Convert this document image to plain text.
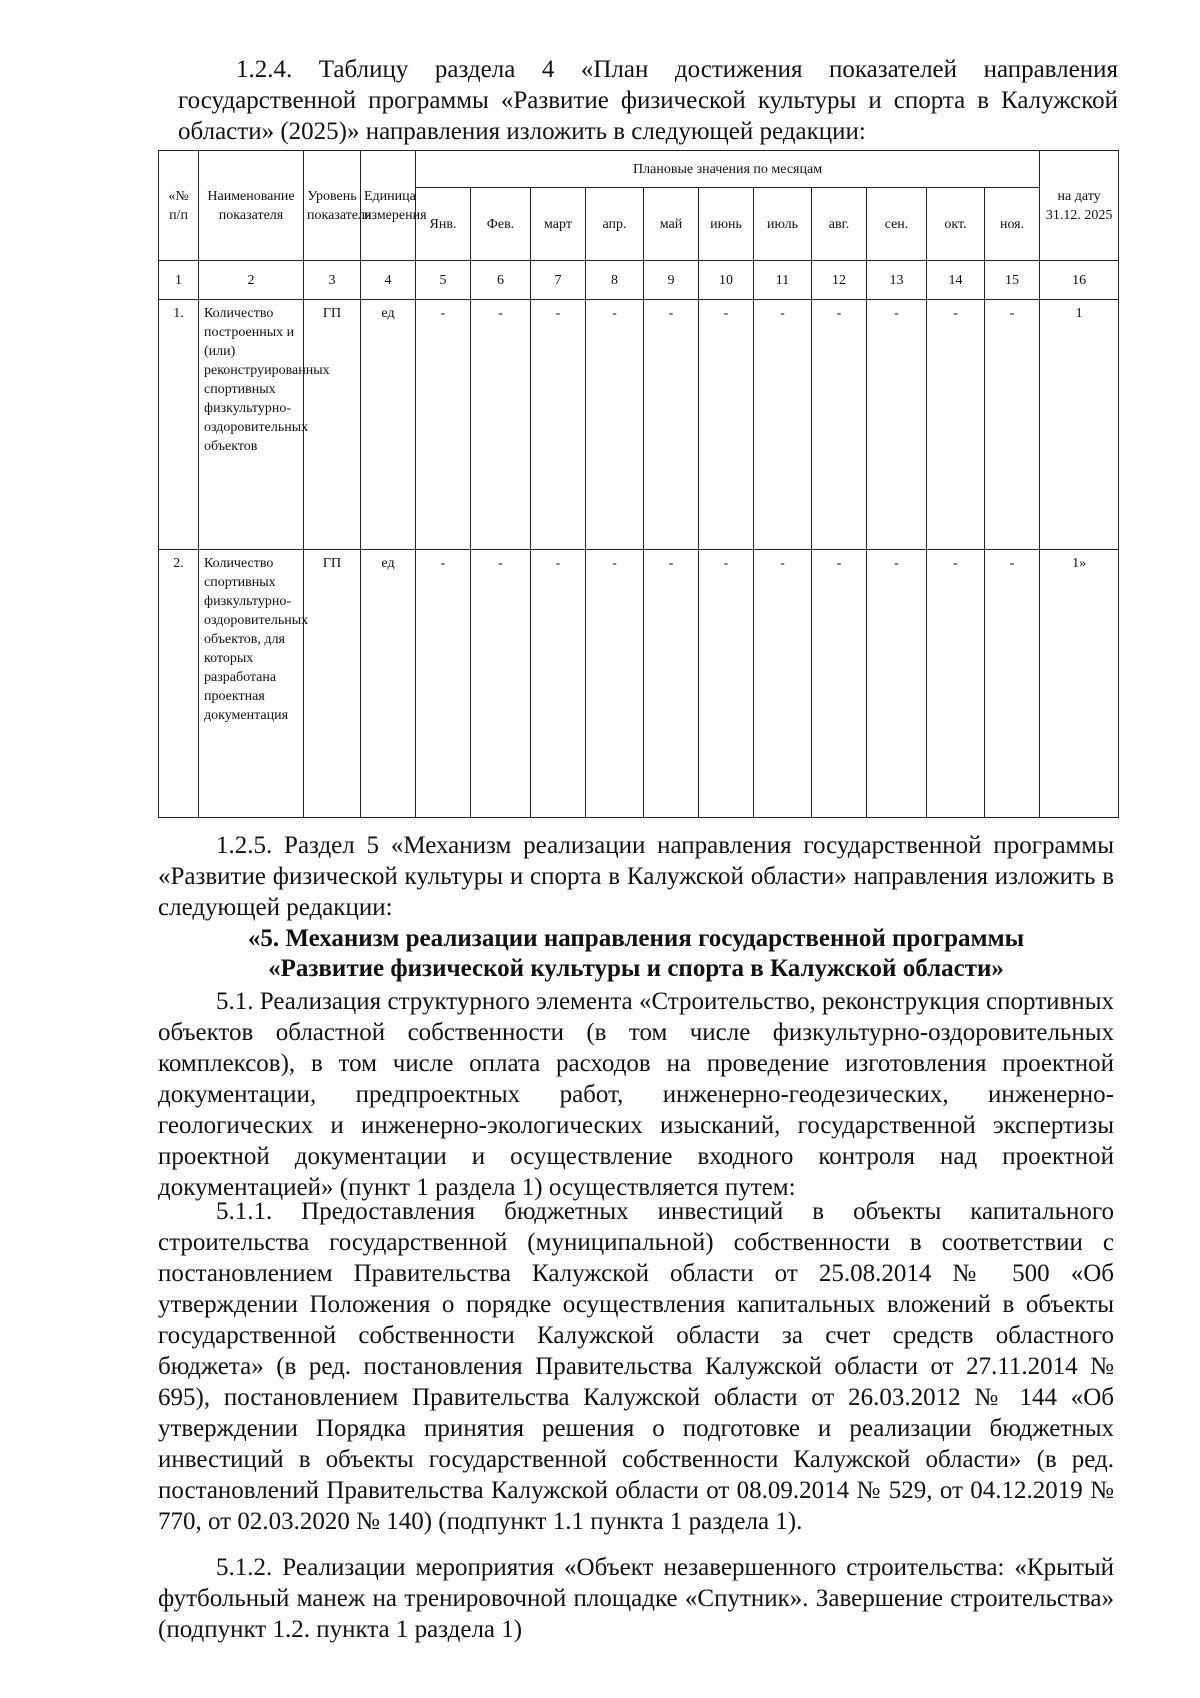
1.2.4. Таблицу раздела 4 «План достижения показателей направления государственной программы «Развитие физической культуры и спорта в Калужской области» (2025)» направления изложить в следующей редакции:
«№ п/п	Наименование показателя	Уровень показателя	Единица измерения	Плановые значения по месяцам											на дату 31.12. 2025
				Янв.	Фев.	март	апр.	май	июнь	июль	авг.	сен.	окт.	ноя.	
1	2	3	4	5	6	7	8	9	10	11	12	13	14	15	16
1.	Количество построенных и (или) реконструированных спортивных физкультурно-оздоровительных объектов	ГП	ед	-	-	-	-	-	-	-	-	-	-	-	1
2.	Количество спортивных физкультурно-оздоровительных объектов, для которых разработана проектная документация	ГП	ед	-	-	-	-	-	-	-	-	-	-	-	1»
1.2.5. Раздел 5 «Механизм реализации направления государственной программы «Развитие физической культуры и спорта в Калужской области» направления изложить в следующей редакции:
«5. Механизм реализации направления государственной программы
«Развитие физической культуры и спорта в Калужской области»
5.1. Реализация структурного элемента «Строительство, реконструкция спортивных объектов областной собственности (в том числе физкультурно-оздоровительных комплексов), в том числе оплата расходов на проведение изготовления проектной документации, предпроектных работ, инженерно-геодезических, инженерно-геологических и инженерно-экологических изысканий, государственной экспертизы проектной документации и осуществление входного контроля над проектной документацией» (пункт 1 раздела 1) осуществляется путем:
5.1.1. Предоставления бюджетных инвестиций в объекты капитального строительства государственной (муниципальной) собственности в соответствии с постановлением Правительства Калужской области от 25.08.2014 № 500 «Об утверждении Положения о порядке осуществления капитальных вложений в объекты государственной собственности Калужской области за счет средств областного бюджета» (в ред. постановления Правительства Калужской области от 27.11.2014 № 695), постановлением Правительства Калужской области от 26.03.2012 № 144 «Об утверждении Порядка принятия решения о подготовке и реализации бюджетных инвестиций в объекты государственной собственности Калужской области» (в ред. постановлений Правительства Калужской области от 08.09.2014 № 529, от 04.12.2019 № 770, от 02.03.2020 № 140) (подпункт 1.1 пункта 1 раздела 1).
5.1.2. Реализации мероприятия «Объект незавершенного строительства: «Крытый футбольный манеж на тренировочной площадке «Спутник». Завершение строительства» (подпункт 1.2. пункта 1 раздела 1)
